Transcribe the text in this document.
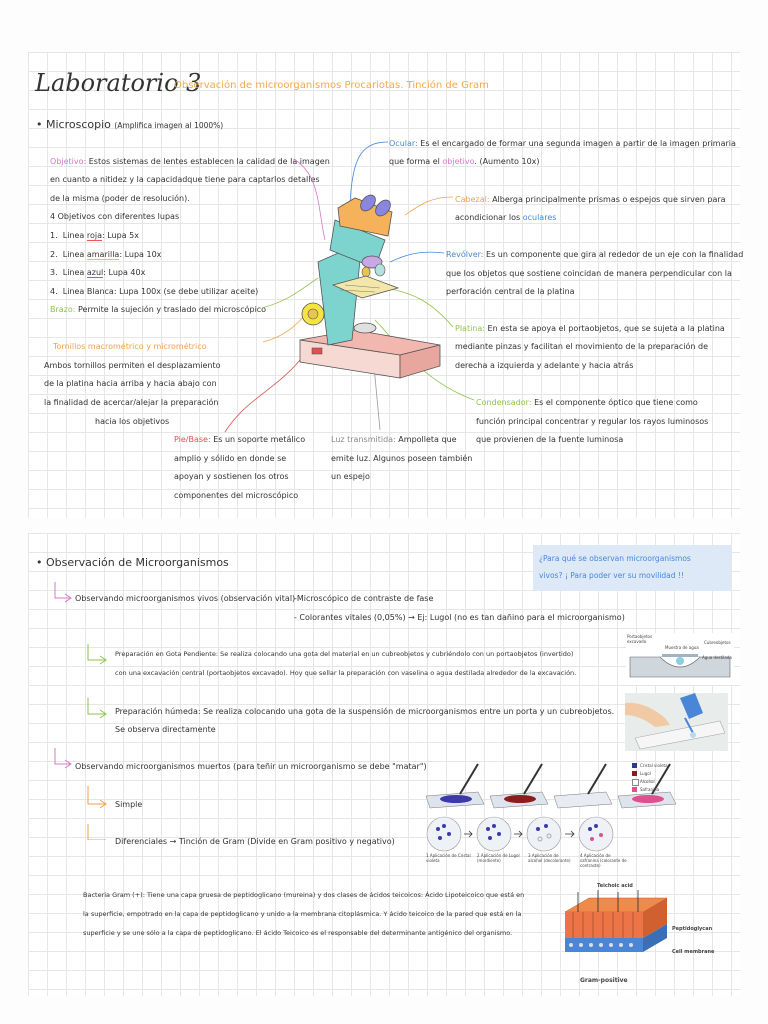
Laboratorio 3
Observación de microorganismos Procariotas. Tinción de Gram
• Microscopio (Amplifica imagen al 1000%)
Objetivo: Estos sistemas de lentes establecen la calidad de la imagen
en cuanto a nitidez y la capacidadque tiene para captarlos detalles
de la misma (poder de resolución).
4 Objetivos con diferentes lupas
1. Linea roja: Lupa 5x
2. Linea amarilla: Lupa 10x
3. Linea azul: Lupa 40x
4. Linea Blanca: Lupa 100x (se debe utilizar aceite)
Brazo: Permite la sujeción y traslado del microscópico
Tornillos macrométrico y micrométrico
Ambos tornillos permiten el desplazamiento
de la platina hacia arriba y hacia abajo con
la finalidad de acercar/alejar la preparación
hacia los objetivos
Pie/Base: Es un soporte metálico
amplio y sólido en donde se
apoyan y sostienen los otros
componentes del microscópico
Luz transmitida: Ampolleta que
emite luz. Algunos poseen también
un espejo
Ocular: Es el encargado de formar una segunda imagen a partir de la imagen primaria
que forma el objetivo. (Aumento 10x)
Cabezal: Alberga principalmente prismas o espejos que sirven para
acondicionar los oculares
Revólver: Es un componente que gira al rededor de un eje con la finalidad
que los objetos que sostiene coincidan de manera perpendicular con la
perforación central de la platina
Platina: En esta se apoya el portaobjetos, que se sujeta a la platina
mediante pinzas y facilitan el movimiento de la preparación de
derecha a izquierda y adelante y hacia atrás
Condensador: Es el componente óptico que tiene como
función principal concentrar y regular los rayos luminosos
que provienen de la fuente luminosa
• Observación de Microorganismos	¿Para qué se observan microorganismos
vivos? ¡ Para poder ver su movilidad !!
Observando microorganismos vivos (observación vital)
-Microscópico de contraste de fase
- Colorantes vitales (0,05%) → Ej: Lugol (no es tan dañino para el microorganismo)
Preparación en Gota Pendiente: Se realiza colocando una gota del material en un cubreobjetos y cubriéndolo con un portaobjetos (invertido)
con una excavación central (portaobjetos excavado). Hoy que sellar la preparación con vaselina o agua destilada alrededor de la excavación.
Preparación húmeda: Se realiza colocando una gota de la suspensión de microorganismos entre un porta y un cubreobjetos.
Se observa directamente
Observando microorganismos muertos (para teñir un microorganismo se debe "matar")
Simple
Diferenciales → Tinción de Gram (Divide en Gram positivo y negativo)
Bacteria Gram (+): Tiene una capa gruesa de peptidoglicano (mureina) y dos clases de ácidos teicoicos: Ácido Lipoteicoico que está en
la superficie, empotrado en la capa de peptidoglicano y unido a la membrana citoplásmica. Y ácido teicoico de la pared que está en la
superficie y se une sólo a la capa de peptidoglicano. El ácido Teicoico es el responsable del determinante antigénico del organismo.
Portaobjetos excavado
Muestra de agua
Cubreobjetos
Agua destilada
Cristal violeta
Lugol
Alcohol
Safranina
1 Aplicación de Cristal violeta
2 Aplicación de Lugol (mordiente)
3 Aplicación de alcohol (decolorante)
4 Aplicación de safranina (colorante de contraste)
Teichoic acid
Peptidoglycan
Cell membrane
Gram-positive
